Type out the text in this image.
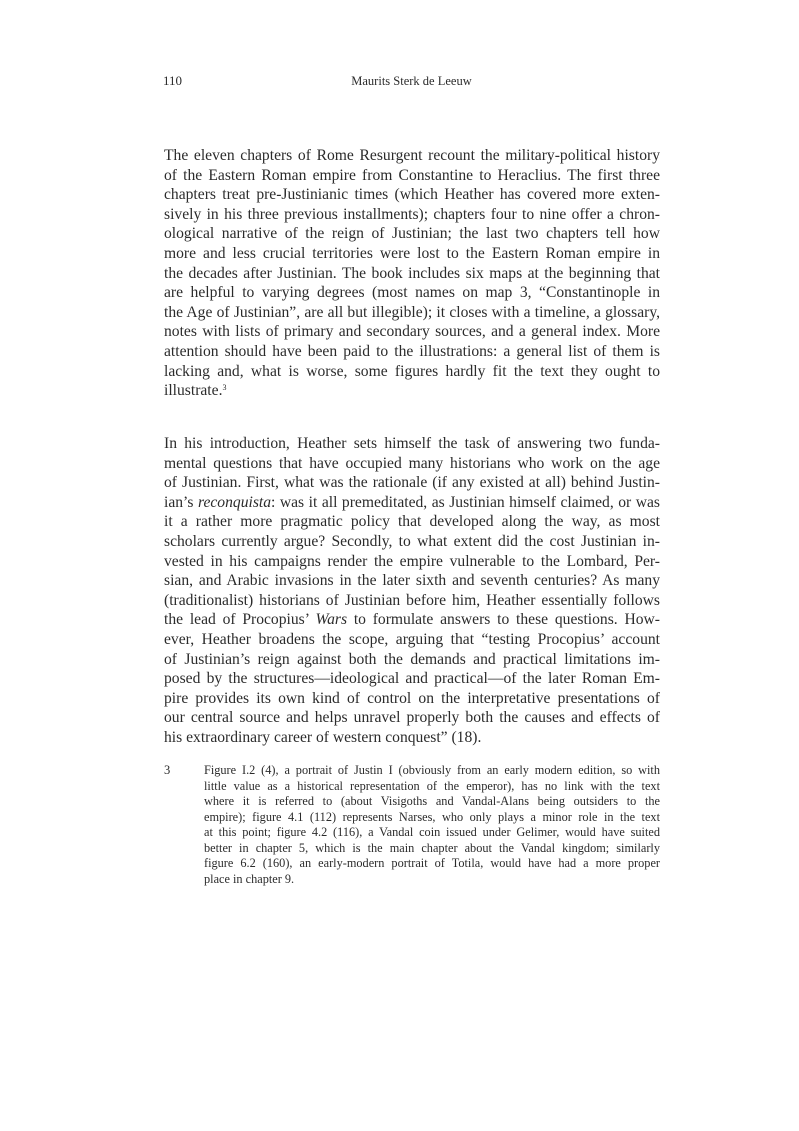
110	Maurits Sterk de Leeuw
The eleven chapters of Rome Resurgent recount the military-political history
of the Eastern Roman empire from Constantine to Heraclius. The first three
chapters treat pre-Justinianic times (which Heather has covered more exten-
sively in his three previous installments); chapters four to nine offer a chron-
ological narrative of the reign of Justinian; the last two chapters tell how
more and less crucial territories were lost to the Eastern Roman empire in
the decades after Justinian. The book includes six maps at the beginning that
are helpful to varying degrees (most names on map 3, “Constantinople in
the Age of Justinian”, are all but illegible); it closes with a timeline, a glossary,
notes with lists of primary and secondary sources, and a general index. More
attention should have been paid to the illustrations: a general list of them is
lacking and, what is worse, some figures hardly fit the text they ought to
illustrate.$^3$
In his introduction, Heather sets himself the task of answering two funda-
mental questions that have occupied many historians who work on the age
of Justinian. First, what was the rationale (if any existed at all) behind Justin-
ian’s reconquista: was it all premeditated, as Justinian himself claimed, or was
it a rather more pragmatic policy that developed along the way, as most
scholars currently argue? Secondly, to what extent did the cost Justinian in-
vested in his campaigns render the empire vulnerable to the Lombard, Per-
sian, and Arabic invasions in the later sixth and seventh centuries? As many
(traditionalist) historians of Justinian before him, Heather essentially follows
the lead of Procopius’ Wars to formulate answers to these questions. How-
ever, Heather broadens the scope, arguing that “testing Procopius’ account
of Justinian’s reign against both the demands and practical limitations im-
posed by the structures—ideological and practical—of the later Roman Em-
pire provides its own kind of control on the interpretative presentations of
our central source and helps unravel properly both the causes and effects of
his extraordinary career of western conquest” (18).
3	Figure I.2 (4), a portrait of Justin I (obviously from an early modern edition, so with
little value as a historical representation of the emperor), has no link with the text
where it is referred to (about Visigoths and Vandal-Alans being outsiders to the
empire); figure 4.1 (112) represents Narses, who only plays a minor role in the text
at this point; figure 4.2 (116), a Vandal coin issued under Gelimer, would have suited
better in chapter 5, which is the main chapter about the Vandal kingdom; similarly
figure 6.2 (160), an early-modern portrait of Totila, would have had a more proper
place in chapter 9.
